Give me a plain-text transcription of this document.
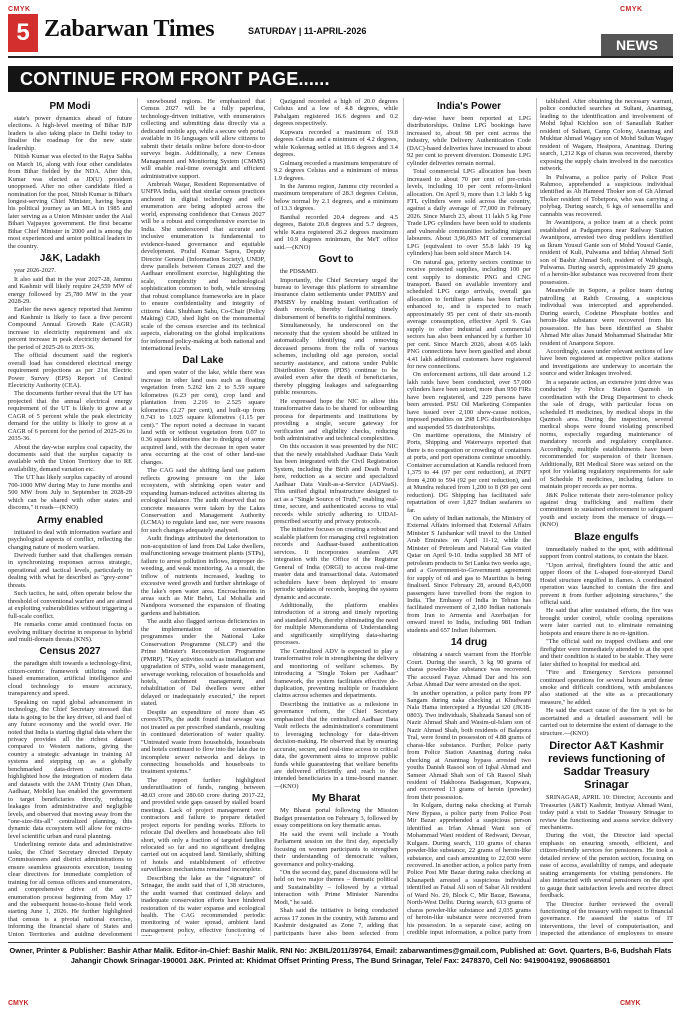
CMYK	CMYK
5 Zabarwan Times	SATURDAY | 11-APRIL-2026
NEWS
CONTINUE FROM FRONT PAGE......
PM Modi

state's power dynamics ahead of future elections. A high-level meeting of Bihar BJP leaders is also taking place in Delhi today to finalise the roadmap for the new state leadership.

Nitish Kumar was elected to the Rajya Sabha on March 16, along with four other candidates from Bihar fielded by the NDA. After this, Kumar was elected as JD(U) president unopposed. After no other candidate filed a nomination for the post, Nitish Kumar is Bihar's longest-serving Chief Minister, having begun his political journey as an MLA in 1985 and later serving as a Union Minister under the Atal Bihari Vajpayee government. He first became Bihar Chief Minister in 2000 and is among the most experienced and senior political leaders in the country.

J&K, Ladakh

year 2026-2027.

It also said that in the year 2027-28, Jammu and Kashmir will likely require 24,559 MW of energy followed by 25,780 MW in the year 2028-29.

Earlier the news agency reported that Jammu and Kashmir is likely to face a five percent Compound Annual Growth Rate (CAGR) increase in electricity requirement and six percent increase in peak electricity demand for the period of 2025-26 to 2035-36.

The official document said the region's overall load has considered electrical energy requirement projections as per 21st Electric Power Survey (EPS) Report of Central Electricity Authority (CEA).

The documents further reveal that the UT has projected that the annual electrical energy requirement of the UT is likely to grow at a CAGR of 5 percent while the peak electricity demand for the utility is likely to grow at a CAGR of 6 percent for the period of 2025-26 to 2035-36.

About the day-wise surplus coal capacity, the documents said that the surplus capacity is available with the Union Territory due to RE availability, demand variation etc.

The UT has likely surplus capacity of around 700-1000 MW during May to June months and 500 MW from July to September in 2028-29 which can be shared with other states and discoms," it reads—(KNO)

Army enabled

initiated to deal with information warfare and psychological aspects of conflict, reflecting the changing nature of modern warfare.

Dwivedi further said that challenges remain in synchronizing responses across strategic, operational and tactical levels, particularly in dealing with what he described as "grey-zone" threats.

Such tactics, he said, often operate below the threshold of conventional warfare and are aimed at exploiting vulnerabilities without triggering a full-scale conflict.

He remarks come amid continued focus on evolving military doctrine in response to hybrid and multi-domain threats.(KNS).

Census 2027

the paradigm shift towards a technology-first, citizen-centric framework utilizing mobile-based enumeration, artificial intelligence and cloud technology to ensure accuracy, transparency and speed.

Speaking on rapid global advancement in technology, the Chief Secretary stressed that data is going to be the key driver, oil and fuel of any future economy and the world over. He noted that India is starting digital data where the privacy provides all the richest dataset compared to Western nations, giving the country a strategic advantage in training AI systems and stepping up as a globally benchmarked data-driven nation. He highlighted how the integration of modern data and datasets with the JAM Trinity (Jan Dhan, Aadhaar, Mobile) has enabled the government to target beneficiaries directly, reducing leakages from administrative and negligible levels, and observed that moving away from the "one-size-fits-all" centralized planning, this dynamic data ecosystem will allow for micro-level scientific urban and rural planning.

Underlining remote data and administrative tasks, the Chief Secretary directed Deputy Commissioners and district administrations to ensure seamless grassroots execution, issuing clear directives for immediate completion of training for all census officers and enumerators, and comprehensive drive of the self-enumeration process beginning from May 17 and the subsequent house-to-house field work starting June 1, 2026. He further highlighted that census is a pivotal national exercise, informing the financial share of States and Union Territories and guiding development

snowbound regions. He emphasized that Census 2027 will be a fully paperless, technology-driven initiative, with enumerators collecting and submitting data directly via a dedicated mobile app, while a secure web portal available in 16 languages will allow citizens to submit their details online before door-to-door surveys begin. Additionally, a new Census Management and Monitoring System (CMMS) will enable real-time oversight and efficient administrative support.

Ambreah Waqar, Resident Representative of UNFPA India, said that similar census practices anchored in digital technology and self-enumeration are being adopted across the world, expressing confidence that Census 2027 will be a robust and comprehensive exercise in India. She underscored that accurate and inclusive enumeration is fundamental to evidence-based governance and equitable development. Praful Kumar Sapra, Deputy Director General (Information Society), UNDP, drew parallels between Census 2027 and the Aadhaar enrollment exercise, highlighting the scale, complexity and technological sophistication common to both, while stressing that robust compliance frameworks are in place to ensure confidentiality and integrity of citizens' data. Shubham Sahu, Co-Chair (Policy Making) CJD, shed light on the monumental scale of the census exercise and its technical aspects, elaborating on the global implications for informed policy-making at both national and international levels.

Dal Lake

and open water of the lake, while there was increase in other land uses such as floating vegetation from 5.262 km 2 to 5.59 square kilometres (6.23 per cent), crop land and plantation from 2.216 to 2.525 square kilometres (2.27 per cent), and built-up from 0.743 to 1.025 square kilometres (1.15 per cent)." The report noted a decrease in vacant land with or without vegetation from 0.07 to 0.36 square kilometres due to dredging of some acquired land, with the decrease in open water area occurring at the cost of other land-use changes.

The CAG said the shifting land use pattern reflects growing pressure on the lake ecosystem, with shrinking open water and expanding human-induced activities altering its ecological balance. The audit observed that no concrete measures were taken by the Lakes Conservation and Management Authority (LCMA) to regulate land use, nor were reasons for such changes adequately analysed.

Audit findings attributed the deterioration to non-acquisition of land from Dal Lake dwellers, malfunctioning sewage treatment plants (STPs), failure to arrest pollution inflows, improper de-weeding, and weak monitoring. As a result, the inflow of nutrients increased, leading to excessive weed growth and further shrinkage of the lake's open water area. Encroachments in areas such as Mir Behri, Lal Mohalla and Nandpora worsened the expansion of floating gardens and habitation.

The audit also flagged serious deficiencies in the implementation of conservation programmes under the National Lake Conservation Programme (NLCP) and the Prime Minister's Reconstruction Programme (PMRP). "Key activities such as installation and upgradation of STPs, solid waste management, sewerage working, relocation of households and hotels, catchment management, and rehabilitation of Dal dwellers were either delayed or inadequately executed," the report stated.

Despite an expenditure of more than 45 crores/STPs, the audit found that sewage was not treated as per prescribed standards, resulting in continued deterioration of water quality. "Untreated waste from households, houseboats and hotels continued to flow into the lake due to incomplete sewer networks and delays in connecting households and houseboats to treatment systems."

The report further highlighted underutilisation of funds, ranging between 48.03 crore and 280.60 crore during 2017-22, and provided wide gaps caused by stalled board meetings. Lack of project management over contractors and failure to prepare detailed project reports for pending works. Efforts to relocate Dal dwellers and houseboats also fell short, with only a fraction of targeted families relocated so far and no significant dredging carried out on acquired land. Similarly, shifting of hotels and establishment of effective surveillance mechanisms remained incomplete.

Describing the lake as the "signature" of Srinagar, the audit said that of 1,38 structures, the audit warned that continued delays and inadequate conservation efforts have hindered restoration of its water expanse and ecological health. The CAG recommended periodic monitoring of water spread, ambient land management policy, effective functioning of

Qazigund recorded a high of 20.0 degrees Celsius and a low of 4.8 degrees, while Pahalgam registered 16.6 degrees and 0.2 degrees respectively.

Kupwara recorded a maximum of 19.8 degrees Celsius and a minimum of 4.2 degrees, while Kokernag settled at 18.6 degrees and 3.4 degrees.

Gulmarg recorded a maximum temperature of 9.2 degrees Celsius and a minimum of minus 1.9 degrees.

In the Jammu region, Jammu city recorded a maximum temperature of 28.3 degrees Celsius, below normal by 2.1 degrees, and a minimum of 13.3 degrees.

Banihal recorded 20.4 degrees and 4.5 degrees, Batote 20.8 degrees and 5.7 degrees, while Katra registered 26.2 degrees maximum and 10.9 degrees minimum, the MeT office said.—(KNO)

Govt to

the PDS&MD.

Importantly, the Chief Secretary urged the bureau to leverage this platform to streamline insurance claim settlements under PMJBY and PMSBY by enabling instant verification of death records, thereby facilitating timely disbursement of benefits to rightful nominees.

Simultaneously, he underscored on the necessity that the system should be utilized in automatically identifying and removing deceased persons from the rolls of various schemes, including old age pension, social security assistance, and rations under Public Distribution System (PDS) continue to be availed even after the death of beneficiaries, thereby plugging leakages and safeguarding public resources.

He expressed hope the NIC to allow this transformative data to be shared for onboarding process for departments and institutions by providing a single, secure gateway for verification and eligibility checks, reducing both administrative and technical complexities.

On this occasion it was presented by the NIC that the newly established Aadhaar Data Vault has been integrated with the Civil Registration System, including the Birth and Death Portal here, reduction as a secure and specialized Aadhaar Data Vault-as-a-Service (ADVaaS). This unified digital infrastructure designed to act as a "Single Source of Truth," enabling real-time, secure, and authenticated access to vital records while strictly adhering to UIDAI-prescribed security and privacy protocols.

The initiative focuses on creating a robust and scalable platform for managing civil registration records and Aadhaar-based authentication services. It incorporates seamless API integration with the Office of the Registrar General of India (ORGI) to access real-time master data and transactional data. Automated schedulers have been deployed to ensure periodic updates of records, keeping the system dynamic and accurate.

Additionally, the platform enables introduction of a strong and timely reporting and standard APIs, thereby eliminating the need for multiple Memorandums of Understanding and significantly simplifying data-sharing processes.

The Centralized ADV is expected to play a transformative role in strengthening the delivery and monitoring of welfare schemes. By introducing a "Single Token per Aadhaar" framework, the system facilitates effective de-duplication, preventing multiple or fraudulent claims across schemes and departments.

Describing the initiative as a milestone in governance reform, the Chief Secretary emphasized that the centralized Aadhaar Data Vault reflects the administration's commitment to leveraging technology for data-driven decision-making. He observed that by ensuring accurate, secure, and real-time access to critical data, the government aims to improve public funds while guaranteeing that welfare benefits are delivered efficiently and reach to the intended beneficiaries in a time-bound manner.—(KNO)

My Bharat

My Bharat portal following the Mission Budget presentation on February 3, followed by essay competitions on key thematic areas.

He said the event will include a Youth Parliament session on the first day, especially focusing on women participants to strengthen their understanding of democratic values, governance and policy-making.

"On the second day, panel discussions will be held on two major themes – thematic political and Sustainability – followed by a virtual interaction with Prime Minister Narendra Modi," he said.

Shah said the initiative is being conducted across 17 zones in the country, with Jammu and Kashmir designated as Zone 7, adding that participants have also been selected from

India's Power

day-wise have been reported at LPG distributorships. Online LPG bookings have increased to, about 98 per cent across the industry, while Delivery Authentication Code (DAC)-based deliveries have increased to about 92 per cent to prevent diversion. Domestic LPG cylinder deliveries remain normal.

Total commercial LPG allocation has been increased to about 70 per cent of pre-crisis levels, including 10 per cent reform-linked allocation. On April 9, more than 1.3 lakh 5 kg FTL cylinders were sold across the country, against a daily average of 77,000 in February 2026. Since March 23, about 11 lakh 5 kg Free Trade LPG cylinders have been sold to students and vulnerable communities including migrant labourers. About 3,96,093 MT of commercial LPG (equivalent to over 55.8 lakh 19 kg cylinders) has been sold since March 14.

On natural gas, priority sectors continue to receive protected supplies, including 100 per cent supply to domestic PNG and CNG transport. Based on available inventory and scheduled LPG cargo arrivals, overall gas allocation to fertiliser plants has been further enhanced to, and is expected to reach approximately 95 per cent of their six-month average consumption, effective April 9. Gas supply to other industrial and commercial sectors has also been enhanced by a further 10 per cent. Since March 2026, about 4.05 lakh PNG connections have been gasified and about 4.41 lakh additional customers have registered for new connections.

On enforcement actions, till date around 1.2 lakh raids have been conducted, over 57,000 cylinders have been seized, more than 950 FIRs have been registered, and 229 persons have been arrested. PSU Oil Marketing Companies have issued over 2,100 show-cause notices, imposed penalties on 298 LPG distributorships and suspended 55 distributorships.

On maritime operations, the Ministry of Ports, Shipping and Waterways reported that there is no congestion or crowding of containers at ports, and port operations continue smoothly. Container accumulation at Kandla reduced from 1,375 to 44 (97 per cent reduction), at JNPT from 4,200 to 594 (92 per cent reduction), and at Mundra reduced from 1,200 to 8 (99 per cent reduction). DG Shipping has facilitated safe repatriation of over 1,827 Indian seafarers so far.

On safety of Indian nationals, the Ministry of External Affairs informed that External Affairs Minister S Jaishankar will travel to the United Arab Emirates on April 11-12, while the Minister of Petroleum and Natural Gas visited Qatar on April 9-10. India supplied 38 MT of petroleum products to Sri Lanka two weeks ago, and a Government-to-Government agreement for supply of oil and gas to Mauritius is being finalised. Since February 28, around 8,43,000 passengers have travelled from the region to India. The Embassy of India in Tehran has facilitated movement of 2,180 Indian nationals from Iran to Armenia and Azerbaijan for onward travel to India, including 981 Indian students and 657 Indian fishermen.

14 drug

obtaining a search warrant from the Hon'ble Court. During the search, 3 kg 90 grams of charas powder-like substance was recovered. The accused Fayaz Ahmad Dar and his son Arbaz Ahmad Dar were arrested on the spot.

In another operation, a police party from PP Sangam during naka checking at Khudwani Nala Hama intercepted a Hyundai i20 (JK18-0803). Two individuals, Shahzada Sanaul son of Nazir Ahmad Shah and Wasim-ul-Islam son of Nazir Ahmad Shah, both residents of Balapora Tral, were found in possession of 4.88 grams of charas-like substance. Further, Police party from Police Station Anantnag during naka checking at Anantnag bypass arrested two youths Danish Rasool son of Iqbal Ahmad and Sameer Ahmad Shah son of Gh Rasool Shah resident of Hakhoora Badagoman, Kupwara, and recovered 13 grams of heroin (powder) from their possession.

In Kulgam, during naka checking at Furrah New Bypass, a police party from Police Post Mir Bazar apprehended a suspicious person identified as Irfan Ahmad Wani son of Mohammad Wani resident of Redwani, Devsar, Kulgam. During search, 110 grams of charas powder-like substance, 22 grams of heroin-like substance, and cash amounting to 22,030 were recovered. In another action, a police party from Police Post Mir Bazar during naka checking at Khanapeth arrested a suspicious individual identified as Faisal Ali son of Sabar Ali resident of Ward No. 29, Block C, Mir Bazar, Bawana, North-West Delhi. During search, 613 grams of charas powder-like substance and 2,035 grams of heroin-like substance were recovered from his possession. In a separate case, acting on credible input information, a police party from

tablished. After obtaining the necessary warrant, police conducted searches at Sultani, Anantnag, leading to the identification and involvement of Mohd Iqbal Kichloo son of Sanaullah Rather resident of Sultani, Camp Colony, Anantnag and Mukhtar Ahmad Wagay son of Mohd Sultan Wagay resident of Wagam, Heatpora, Anantnag. During search, 1,212 Kgs of charas was recovered, thereby exposing the supply chain involved in the narcotics network.

In Pulwama, a police party of Police Post Rahmoo, apprehended a suspicious individual identified as Ab Hameed Thoker son of Gh Ahmad Thoker resident of Tobetpora, who was carrying a polybag. During search, 6 kgs of sensemillia and cannabis was recovered.

In Awantipora, a police team at a check point established at Padgampora near Railway Station Awantipora, arrested two drug peddlers identified as Ikram Yousuf Ganie son of Mohd Yousuf Ganie, resident of Kuli, Pulwama and Ishfaq Ahmad Sofi son of Bashir Ahmad Sofi, resident of Wahibugh, Pulwama. During search, approximately 29 grams of a heroin-like substance was recovered from their possession.

Meanwhile in Sopore, a police team during patrolling at Rahib Crossing, a suspicious individual was intercepted and apprehended. During search, Codeine Phosphate bottles and heroin-like substance were recovered from his possession. He has been identified as Shabir Ahmad Mir alias Junaid Mohammad Shatradar Mir resident of Ananpora Sopore.

Accordingly, cases under relevant sections of law have been registered at respective police stations and investigations are underway to ascertain the source and wider linkages involved.

In a separate action, an extensive joint drive was conducted by Police Station Qazmoh in coordination with the Drug Department to check the sale of drugs, with particular focus on scheduled H medicines, by medical shops in the Qazmoh area. During the inspection, several medical shops were found violating prescribed norms, especially regarding maintenance of mandatory records and regulatory compliance. Accordingly, multiple establishments have been recommended for suspension of their licenses. Additionally, RH Medical Store was seized on the spot for violating regulatory requirements for sale of Schedule H medicines, including failure to maintain proper records as per norms.

J&K Police reiterate their zero-tolerance policy against drug trafficking and reaffirm their commitment to sustained enforcement to safeguard youth and society from the menace of drugs.—(KNO)

Blaze engulfs

immediately rushed to the spot, with additional support from control stations, to contain the blaze.

"Upon arrival, firefighters found the attic and upper floors of the L-shaped four-storeyed Darul Hostel structure engulfed in flames. A coordinated operation was launched to contain the fire and prevent it from further adjoining structures," the official said.

He said that after sustained efforts, the fire was brought under control, while cooling operations were later carried out to eliminate remaining hotspots and ensure there is no re-ignition.

"The official said no trapped civilians and one firefighter were immediately attended to at the spot and their condition is stated to be stable. They were later shifted to hospital for medical aid.

"Fire and Emergency Services personnel continued operations for several hours amid dense smoke and difficult conditions, with ambulances also stationed at the site as a precautionary measure," he added.

He said the exact cause of the fire is yet to be ascertained and a detailed assessment will be carried out to determine the extent of damage to the structure.—(KNO)

Director A&T Kashmir reviews functioning of Saddar Treasury Srinagar

SRINAGAR, APRIL 10: Director, Accounts and Treasuries (A&T) Kashmir, Imtiyaz Ahmad Wani, today paid a visit to Saddar Treasury Srinagar to review the functioning and assess service delivery mechanisms.

During the visit, the Director laid special emphasis on ensuring smooth, efficient, and citizen-friendly services for pensioners. He took a detailed review of the pension section, focusing on ease of access, availability of ramps, and adequate seating arrangements for visiting pensioners. He also interacted with several pensioners on the spot to gauge their satisfaction levels and receive direct feedback.

The Director further reviewed the overall functioning of the treasury with respect to financial governance. He assessed the status of IT interventions, the level of computerisation, and inspected the attendance of employees to ensure

Owner, Printer & Publisher: Bashir Athar Malik. Editor-in-Chief: Bashir Malik. RNI No: JKBIL/2011/39764, Email: zabarwantimes@gmail.com, Published at: Govt. Quarters, B-6, Budshah Flats
Jahangir Chowk Srinagar-190001 J&K. Printed at: Khidmat Offset Printing Press, The Bund Srinagar, Tele/ Fax: 2478370, Cell No: 9419004192, 9906868501
CMYK	CMYK
